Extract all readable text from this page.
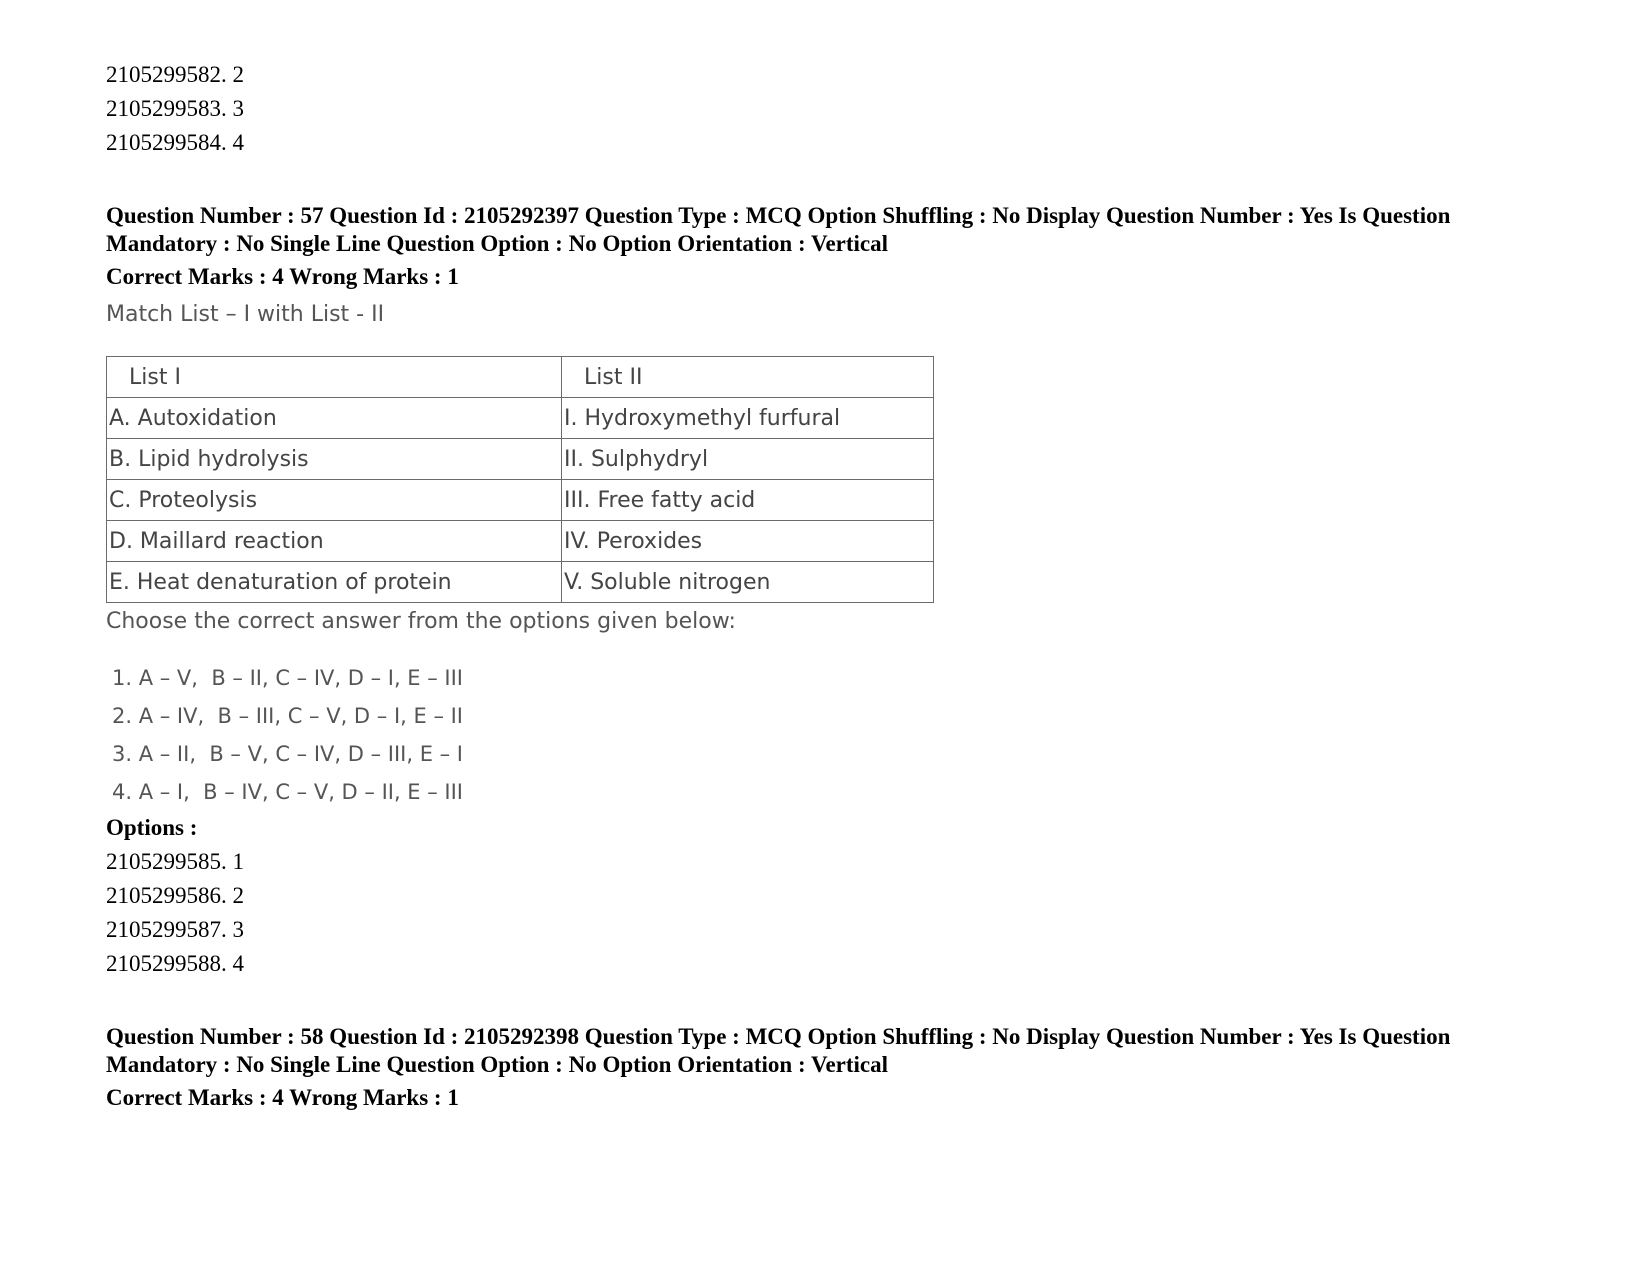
2105299582. 2
2105299583. 3
2105299584. 4
Question Number : 57 Question Id : 2105292397 Question Type : MCQ Option Shuffling : No Display Question Number : Yes Is Question Mandatory : No Single Line Question Option : No Option Orientation : Vertical
Correct Marks : 4 Wrong Marks : 1
Match List – I with List - II
List I	List II
A. Autoxidation	I. Hydroxymethyl furfural
B. Lipid hydrolysis	II. Sulphydryl
C. Proteolysis	III. Free fatty acid
D. Maillard reaction	IV. Peroxides
E. Heat denaturation of protein	V. Soluble nitrogen
Choose the correct answer from the options given below:
1. A – V,  B – II, C – IV, D – I, E – III
2. A – IV,  B – III, C – V, D – I, E – II
3. A – II,  B – V, C – IV, D – III, E – I
4. A – I,  B – IV, C – V, D – II, E – III
Options :
2105299585. 1
2105299586. 2
2105299587. 3
2105299588. 4
Question Number : 58 Question Id : 2105292398 Question Type : MCQ Option Shuffling : No Display Question Number : Yes Is Question Mandatory : No Single Line Question Option : No Option Orientation : Vertical
Correct Marks : 4 Wrong Marks : 1
